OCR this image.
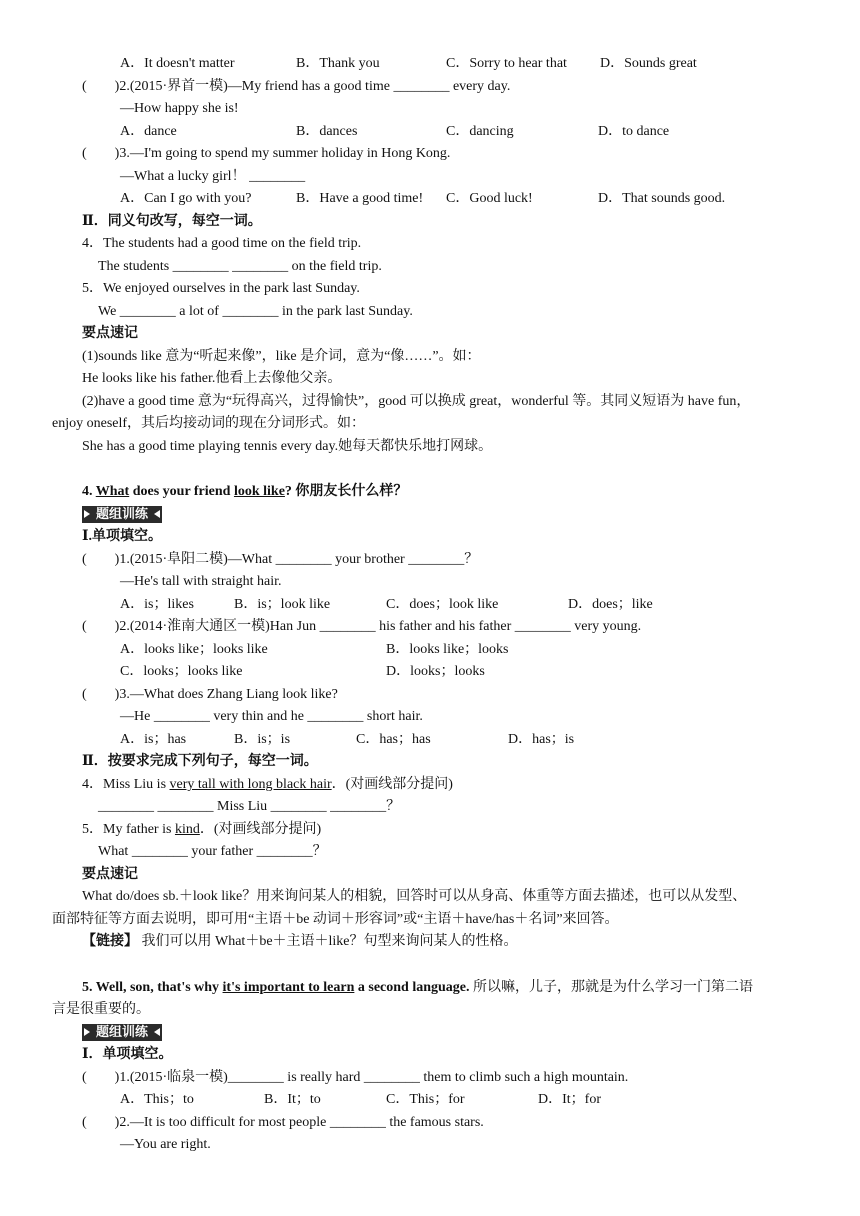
A．It doesn't matter	B．Thank you	C．Sorry to hear that D．Sounds great
(　　)2.(2015·界首一模)—My friend has a good time ________ every day.
—How happy she is!
A．dance	B．dances	C．dancing	D．to dance
(　　)3.—I'm going to spend my summer holiday in Hong Kong.
—What a lucky girl！ ________
A．Can I go with you?	B．Have a good time! C．Good luck!	D．That sounds good.
Ⅱ．同义句改写，每空一词。
4．The students had a good time on the field trip.
The students ________ ________ on the field trip.
5．We enjoyed ourselves in the park last Sunday.
We ________ a lot of ________ in the park last Sunday.
要点速记
(1)sounds like 意为“听起来像”，like 是介词，意为“像……”。如：
He looks like his father.他看上去像他父亲。
(2)have a good time 意为“玩得高兴，过得愉快”，good 可以换成 great，wonderful 等。其同义短语为 have fun，
enjoy oneself，其后均接动词的现在分词形式。如：
She has a good time playing tennis every day.她每天都快乐地打网球。
4. What does your friend look like? 你朋友长什么样？
题组训练
Ⅰ.单项填空。
(　　)1.(2015·阜阳二模)—What ________ your brother ________？
—He's tall with straight hair.
A．is；likes	B．is；look like	C．does；look like	D．does；like
(　　)2.(2014·淮南大通区一模)Han Jun ________ his father and his father ________ very young.
A．looks like；looks like	B．looks like；looks
C．looks；looks like	D．looks；looks
(　　)3.—What does Zhang Liang look like?
—He ________ very thin and he ________ short hair.
A．is；has	B．is；is	C．has；has	D．has；is
Ⅱ．按要求完成下列句子，每空一词。
4．Miss Liu is very tall with long black hair．(对画线部分提问)
________ ________ Miss Liu ________ ________？
5．My father is kind．(对画线部分提问)
What ________ your father ________？
要点速记
What do/does sb.＋look like？用来询问某人的相貌，回答时可以从身高、体重等方面去描述，也可以从发型、
面部特征等方面去说明，即可用“主语＋be 动词＋形容词”或“主语＋have/has＋名词”来回答。
【链接】 我们可以用 What＋be＋主语＋like？句型来询问某人的性格。
5. Well, son, that's why it's important to learn a second language. 所以嘛，儿子，那就是为什么学习一门第二语
言是很重要的。
题组训练
Ⅰ．单项填空。
(　　)1.(2015·临泉一模)________ is really hard ________ them to climb such a high mountain.
A．This；to	B．It；to	C．This；for	D．It；for
(　　)2.—It is too difficult for most people ________ the famous stars.
—You are right.
